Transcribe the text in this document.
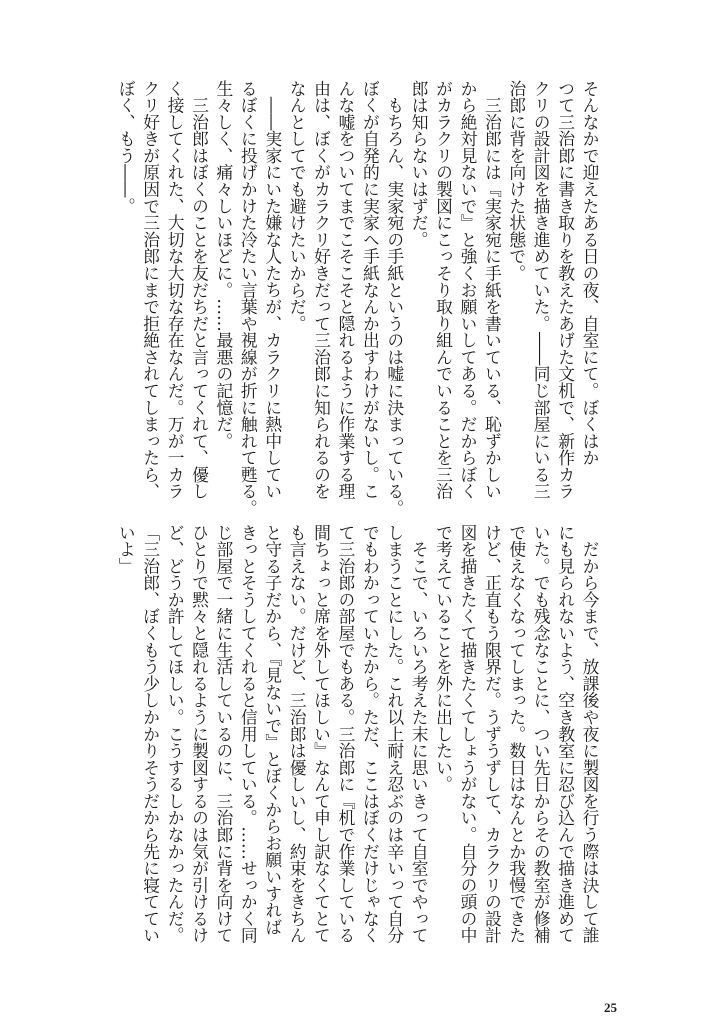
そんなかで迎えたある日の夜、自室にて。ぼくはか
つて三治郎に書き取りを教えたあげた文机で、新作カラ
クリの設計図を描き進めていた。――同じ部屋にいる三
治郎に背を向けた状態で。
　三治郎には『実家宛に手紙を書いている、恥ずかしい
から絶対見ないで』と強くお願いしてある。だからぼく
がカラクリの製図にこっそり取り組んでいることを三治
郎は知らないはずだ。
　もちろん、実家宛の手紙というのは嘘に決まっている。
ぼくが自発的に実家へ手紙なんか出すわけがないし。こ
んな嘘をついてまでこそこそと隠れるように作業する理
由は、ぼくがカラクリ好きだって三治郎に知られるのを
なんとしてでも避けたいからだ。
　――実家にいた嫌な人たちが、カラクリに熱中してい
るぼくに投げかけた冷たい言葉や視線が折に触れて甦る。
生々しく、痛々しいほどに。……最悪の記憶だ。
　三治郎はぼくのことを友だちだと言ってくれて、優し
く接してくれた、大切な大切な存在なんだ。万が一カラ
クリ好きが原因で三治郎にまで拒絶されてしまったら、
ぼく、もう――。
　だから今まで、放課後や夜に製図を行う際は決して誰
にも見られないよう、空き教室に忍び込んで描き進めて
いた。でも残念なことに、つい先日からその教室が修補
で使えなくなってしまった。数日はなんとか我慢できた
けど、正直もう限界だ。うずうずして、カラクリの設計
図を描きたくて描きたくてしょうがない。自分の頭の中
で考えていることを外に出したい。
　そこで、いろいろ考えた末に思いきって自室でやって
しまうことにした。これ以上耐え忍ぶのは辛いって自分
でもわかっていたから。ただ、ここはぼくだけじゃなく
て三治郎の部屋でもある。三治郎に『机で作業している
間ちょっと席を外してほしい』なんて申し訳なくてとて
も言えない。だけど、三治郎は優しいし、約束をきちん
と守る子だから、『見ないで』とぼくからお願いすれば
きっとそうしてくれると信用している。……せっかく同
じ部屋で一緒に生活しているのに、三治郎に背を向けて
ひとりで黙々と隠れるように製図するのは気が引けるけ
ど、どうか許してほしい。こうするしかなかったんだ。
「三治郎、ぼくもう少しかかりそうだから先に寝ててい
いよ」
25
